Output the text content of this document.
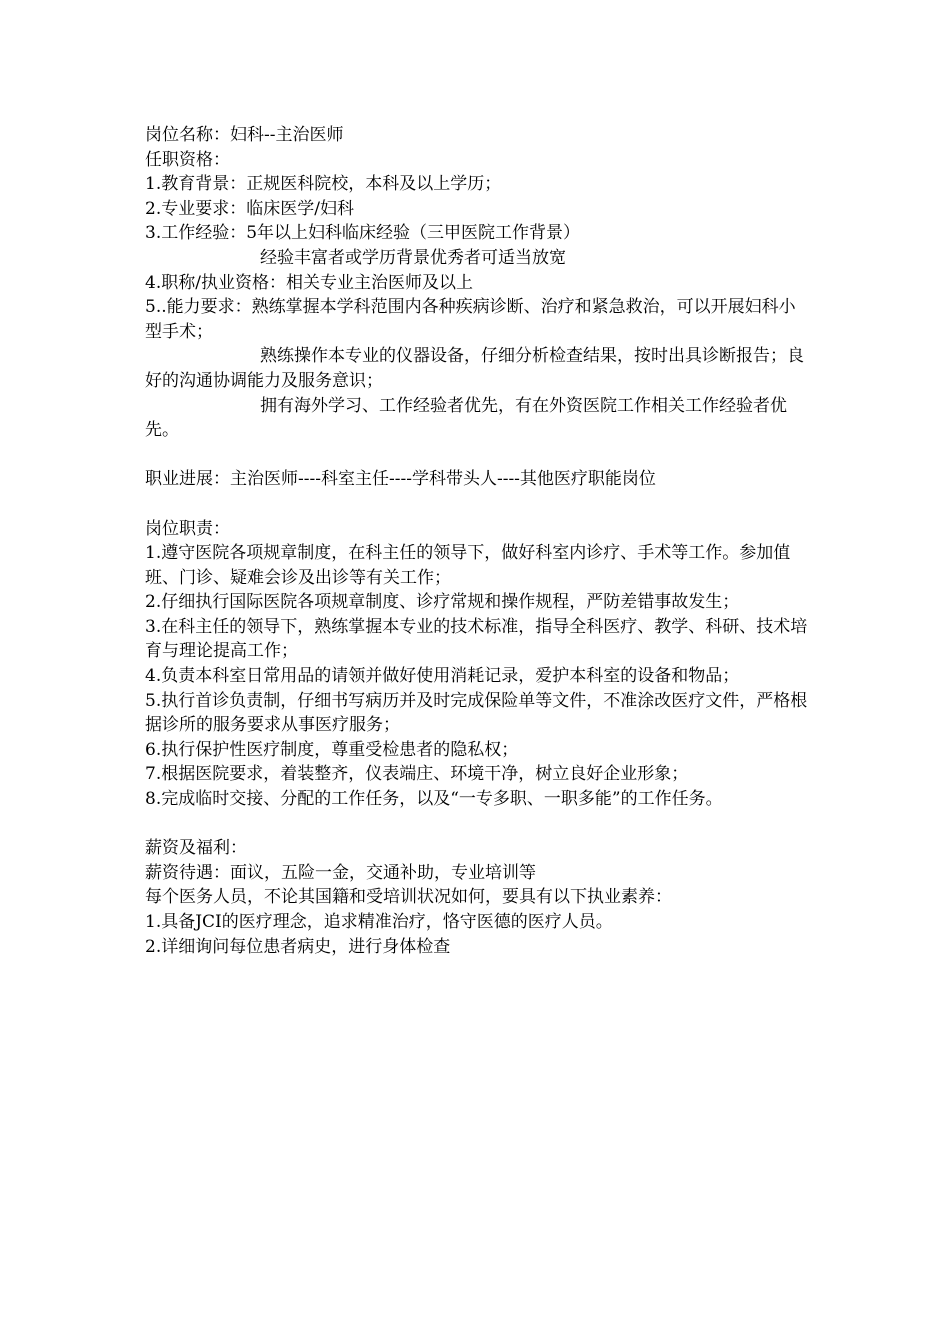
岗位名称：妇科--主治医师
任职资格：
1.教育背景：正规医科院校，本科及以上学历；
2.专业要求：临床医学/妇科
3.工作经验：5年以上妇科临床经验（三甲医院工作背景）
经验丰富者或学历背景优秀者可适当放宽
4.职称/执业资格：相关专业主治医师及以上
5..能力要求：熟练掌握本学科范围内各种疾病诊断、治疗和紧急救治，可以开展妇科小型手术；
熟练操作本专业的仪器设备，仔细分析检查结果，按时出具诊断报告；良好的沟通协调能力及服务意识；
拥有海外学习、工作经验者优先，有在外资医院工作相关工作经验者优先。
职业进展：主治医师----科室主任----学科带头人----其他医疗职能岗位
岗位职责：
1.遵守医院各项规章制度，在科主任的领导下，做好科室内诊疗、手术等工作。参加值班、门诊、疑难会诊及出诊等有关工作；
2.仔细执行国际医院各项规章制度、诊疗常规和操作规程，严防差错事故发生；
3.在科主任的领导下，熟练掌握本专业的技术标准，指导全科医疗、教学、科研、技术培育与理论提高工作；
4.负责本科室日常用品的请领并做好使用消耗记录，爱护本科室的设备和物品；
5.执行首诊负责制，仔细书写病历并及时完成保险单等文件，不准涂改医疗文件，严格根据诊所的服务要求从事医疗服务；
6.执行保护性医疗制度，尊重受检患者的隐私权；
7.根据医院要求，着装整齐，仪表端庄、环境干净，树立良好企业形象；
8.完成临时交接、分配的工作任务，以及“一专多职、一职多能”的工作任务。
薪资及福利：
薪资待遇：面议，五险一金，交通补助，专业培训等
每个医务人员，不论其国籍和受培训状况如何，要具有以下执业素养：
1.具备JCI的医疗理念，追求精准治疗，恪守医德的医疗人员。
2.详细询问每位患者病史，进行身体检查
